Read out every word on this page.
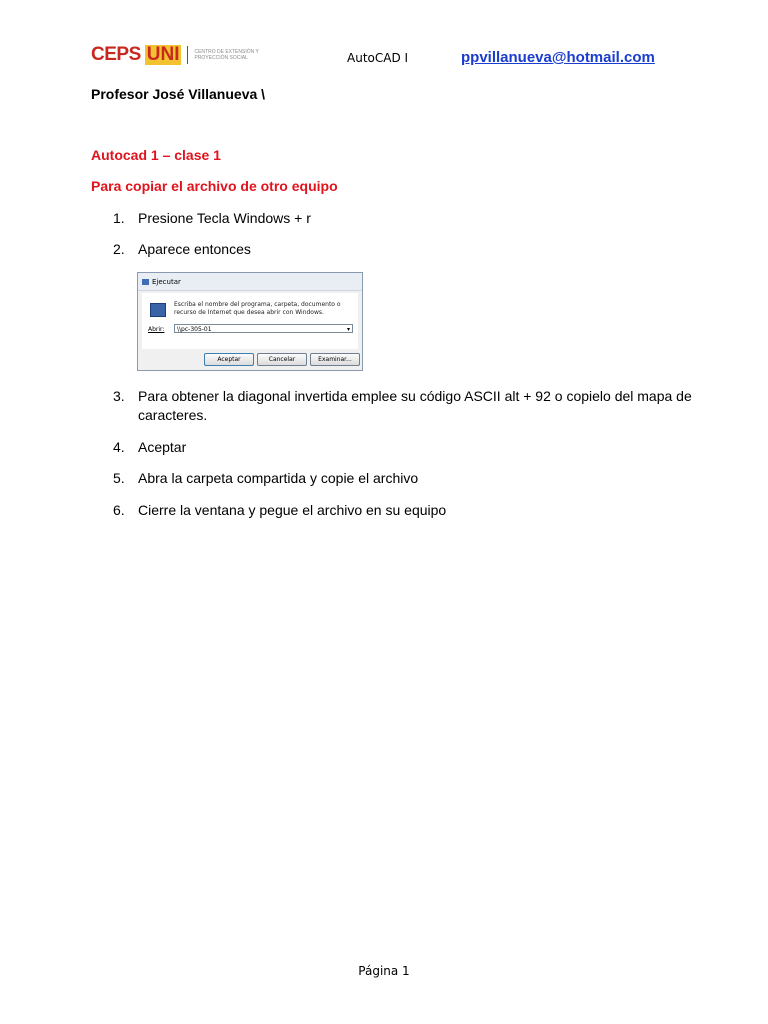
CEPS UNI	CENTRO DE EXTENSIÓN Y PROYECCIÓN SOCIAL	AutoCAD I	ppvillanueva@hotmail.com
Profesor José Villanueva \
Autocad 1 – clase 1
Para copiar el archivo de otro equipo
1. Presione Tecla Windows + r
2. Aparece entonces
Ejecutar
Escriba el nombre del programa, carpeta, documento o recurso de Internet que desea abrir con Windows.
Abrir:	\\pc-305-01	▾
Aceptar	Cancelar	Examinar...
3. Para obtener la diagonal invertida emplee su código ASCII alt + 92 o copielo del mapa de caracteres.
4. Aceptar
5. Abra la carpeta compartida y copie el archivo
6. Cierre la ventana y pegue el archivo en su equipo
Página 1
